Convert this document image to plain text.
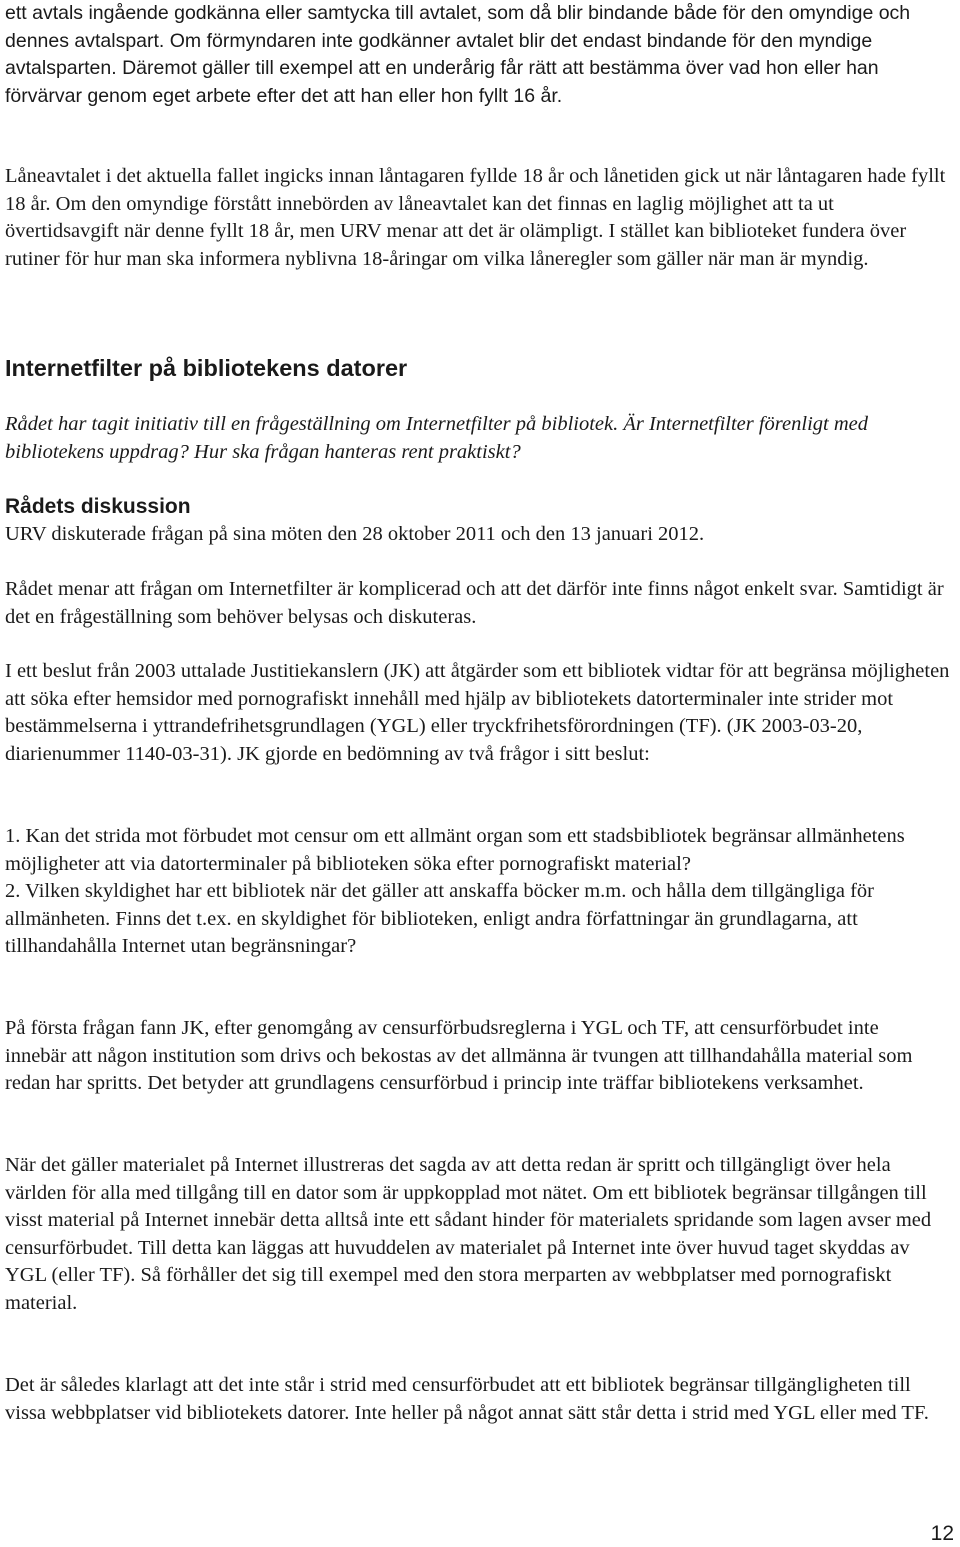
ett avtals ingående godkänna eller samtycka till avtalet, som då blir bindande både för den omyndige och dennes avtalspart. Om förmyndaren inte godkänner avtalet blir det endast bindande för den myndige avtalsparten. Däremot gäller till exempel att en underårig får rätt att bestämma över vad hon eller han förvärvar genom eget arbete efter det att han eller hon fyllt 16 år.

Låneavtalet i det aktuella fallet ingicks innan låntagaren fyllde 18 år och lånetiden gick ut när låntagaren hade fyllt 18 år. Om den omyndige förstått innebörden av låneavtalet kan det finnas en laglig möjlighet att ta ut övertidsavgift när denne fyllt 18 år, men URV menar att det är olämpligt. I stället kan biblioteket fundera över rutiner för hur man ska informera nyblivna 18-åringar om vilka låneregler som gäller när man är myndig.

Internetfilter på bibliotekens datorer

Rådet har tagit initiativ till en frågeställning om Internetfilter på bibliotek. Är Internetfilter förenligt med bibliotekens uppdrag? Hur ska frågan hanteras rent praktiskt?

Rådets diskussion

URV diskuterade frågan på sina möten den 28 oktober 2011 och den 13 januari 2012.

Rådet menar att frågan om Internetfilter är komplicerad och att det därför inte finns något enkelt svar. Samtidigt är det en frågeställning som behöver belysas och diskuteras.

I ett beslut från 2003 uttalade Justitiekanslern (JK) att åtgärder som ett bibliotek vidtar för att begränsa möjligheten att söka efter hemsidor med pornografiskt innehåll med hjälp av bibliotekets datorterminaler inte strider mot bestämmelserna i yttrandefrihetsgrundlagen (YGL) eller tryckfrihetsförordningen (TF). (JK 2003-03-20, diarienummer 1140-03-31). JK gjorde en bedömning av två frågor i sitt beslut:

1. Kan det strida mot förbudet mot censur om ett allmänt organ som ett stadsbibliotek begränsar allmänhetens möjligheter att via datorterminaler på biblioteken söka efter pornografiskt material?
2. Vilken skyldighet har ett bibliotek när det gäller att anskaffa böcker m.m. och hålla dem tillgängliga för allmänheten. Finns det t.ex. en skyldighet för biblioteken, enligt andra författningar än grundlagarna, att tillhandahålla Internet utan begränsningar?

På första frågan fann JK, efter genomgång av censurförbudsreglerna i YGL och TF, att censurförbudet inte innebär att någon institution som drivs och bekostas av det allmänna är tvungen att tillhandahålla material som redan har spritts. Det betyder att grundlagens censurförbud i princip inte träffar bibliotekens verksamhet.

När det gäller materialet på Internet illustreras det sagda av att detta redan är spritt och tillgängligt över hela världen för alla med tillgång till en dator som är uppkopplad mot nätet. Om ett bibliotek begränsar tillgången till visst material på Internet innebär detta alltså inte ett sådant hinder för materialets spridande som lagen avser med censurförbudet. Till detta kan läggas att huvuddelen av materialet på Internet inte över huvud taget skyddas av YGL (eller TF). Så förhåller det sig till exempel med den stora merparten av webbplatser med pornografiskt material.

Det är således klarlagt att det inte står i strid med censurförbudet att ett bibliotek begränsar tillgängligheten till vissa webbplatser vid bibliotekets datorer. Inte heller på något annat sätt står detta i strid med YGL eller med TF.

12
